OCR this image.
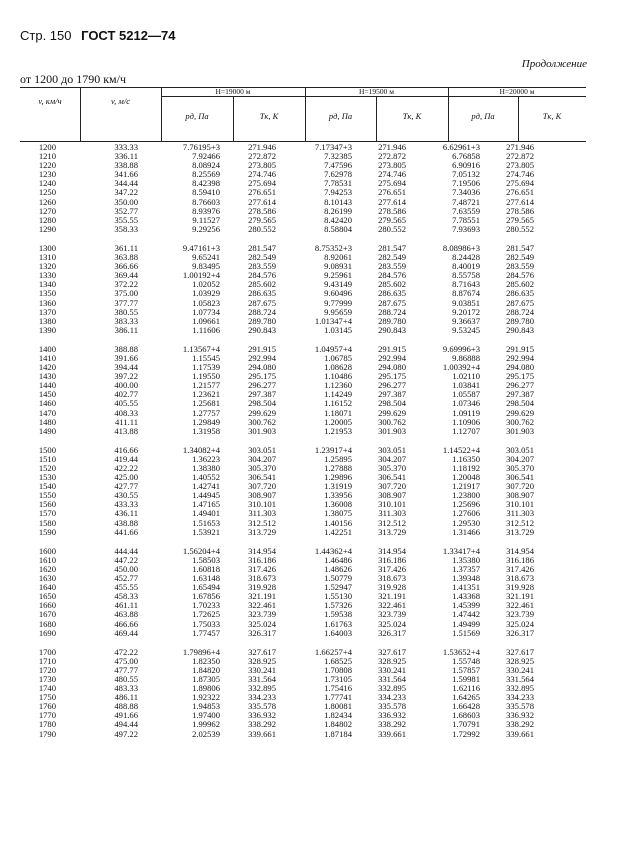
Стр. 150 ГОСТ 5212—74
Продолжение
от 1200 до 1790 км/ч
H=19000 м	H=19500 м	H=20000 м
v, км/ч	v, м/с
pд, Па	Tк, К	pд, Па	Tк, К	pд, Па	Tк, К
1200	333.33	7.76195+3	271.946	7.17347+3	271.946	6.62961+3	271.946
1210	336.11	7.92466	272.872	7.32385	272.872	6.76858	272.872
1220	338.88	8.08924	273.805	7.47596	273.805	6.90916	273.805
1230	341.66	8.25569	274.746	7.62978	274.746	7.05132	274.746
1240	344.44	8.42398	275.694	7.78531	275.694	7.19506	275.694
1250	347.22	8.59410	276.651	7.94253	276.651	7.34036	276.651
1260	350.00	8.76603	277.614	8.10143	277.614	7.48721	277.614
1270	352.77	8.93976	278.586	8.26199	278.586	7.63559	278.586
1280	355.55	9.11527	279.565	8.42420	279.565	7.78551	279.565
1290	358.33	9.29256	280.552	8.58804	280.552	7.93693	280.552
1300	361.11	9.47161+3	281.547	8.75352+3	281.547	8.08986+3	281.547
1310	363.88	9.65241	282.549	8.92061	282.549	8.24428	282.549
1320	366.66	9.83495	283.559	9.08931	283.559	8.40019	283.559
1330	369.44	1.00192+4	284.576	9.25961	284.576	8.55758	284.576
1340	372.22	1.02052	285.602	9.43149	285.602	8.71643	285.602
1350	375.00	1.03929	286.635	9.60496	286.635	8.87674	286.635
1360	377.77	1.05823	287.675	9.77999	287.675	9.03851	287.675
1370	380.55	1.07734	288.724	9.95659	288.724	9.20172	288.724
1380	383.33	1.09661	289.780	1.01347+4	289.780	9.36637	289.780
1390	386.11	1.11606	290.843	1.03145	290.843	9.53245	290.843
1400	388.88	1.13567+4	291.915	1.04957+4	291.915	9.69996+3	291.915
1410	391.66	1.15545	292.994	1.06785	292.994	9.86888	292.994
1420	394.44	1.17539	294.080	1.08628	294.080	1.00392+4	294.080
1430	397.22	1.19550	295.175	1.10486	295.175	1.02110	295.175
1440	400.00	1.21577	296.277	1.12360	296.277	1.03841	296.277
1450	402.77	1.23621	297.387	1.14249	297.387	1.05587	297.387
1460	405.55	1.25681	298.504	1.16152	298.504	1.07346	298.504
1470	408.33	1.27757	299.629	1.18071	299.629	1.09119	299.629
1480	411.11	1.29849	300.762	1.20005	300.762	1.10906	300.762
1490	413.88	1.31958	301.903	1.21953	301.903	1.12707	301.903
1500	416.66	1.34082+4	303.051	1.23917+4	303.051	1.14522+4	303.051
1510	419.44	1.36223	304.207	1.25895	304.207	1.16350	304.207
1520	422.22	1.38380	305.370	1.27888	305.370	1.18192	305.370
1530	425.00	1.40552	306.541	1.29896	306.541	1.20048	306.541
1540	427.77	1.42741	307.720	1.31919	307.720	1.21917	307.720
1550	430.55	1.44945	308.907	1.33956	308.907	1.23800	308.907
1560	433.33	1.47165	310.101	1.36008	310.101	1.25696	310.101
1570	436.11	1.49401	311.303	1.38075	311.303	1.27606	311.303
1580	438.88	1.51653	312.512	1.40156	312.512	1.29530	312.512
1590	441.66	1.53921	313.729	1.42251	313.729	1.31466	313.729
1600	444.44	1.56204+4	314.954	1.44362+4	314.954	1.33417+4	314.954
1610	447.22	1.58503	316.186	1.46486	316.186	1.35380	316.186
1620	450.00	1.60818	317.426	1.48626	317.426	1.37357	317.426
1630	452.77	1.63148	318.673	1.50779	318.673	1.39348	318.673
1640	455.55	1.65494	319.928	1.52947	319.928	1.41351	319.928
1650	458.33	1.67856	321.191	1.55130	321.191	1.43368	321.191
1660	461.11	1.70233	322.461	1.57326	322.461	1.45399	322.461
1670	463.88	1.72625	323.739	1.59538	323.739	1.47442	323.739
1680	466.66	1.75033	325.024	1.61763	325.024	1.49499	325.024
1690	469.44	1.77457	326.317	1.64003	326.317	1.51569	326.317
1700	472.22	1.79896+4	327.617	1.66257+4	327.617	1.53652+4	327.617
1710	475.00	1.82350	328.925	1.68525	328.925	1.55748	328.925
1720	477.77	1.84820	330.241	1.70808	330.241	1.57857	330.241
1730	480.55	1.87305	331.564	1.73105	331.564	1.59981	331.564
1740	483.33	1.89806	332.895	1.75416	332.895	1.62116	332.895
1750	486.11	1.92322	334.233	1.77741	334.233	1.64265	334.233
1760	488.88	1.94853	335.578	1.80081	335.578	1.66428	335.578
1770	491.66	1.97400	336.932	1.82434	336.932	1.68603	336.932
1780	494.44	1.99962	338.292	1.84802	338.292	1.70791	338.292
1790	497.22	2.02539	339.661	1.87184	339.661	1.72992	339.661
